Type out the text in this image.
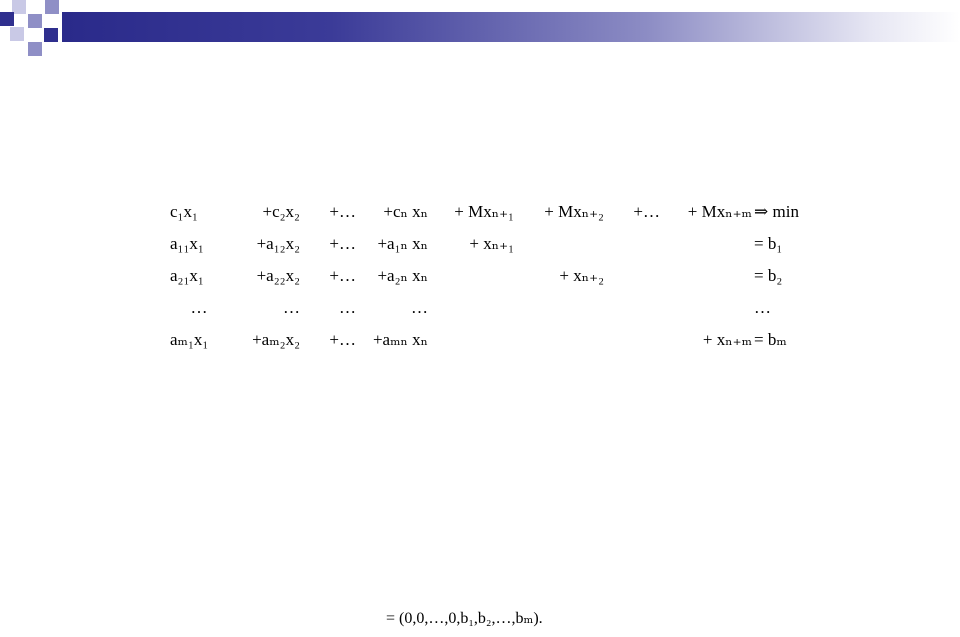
c₁x₁	+c₂x₂	+…	+cₙ xₙ	+ Mxₙ₊₁	+ Mxₙ₊₂	+…	+ Mxₙ₊ₘ	⇒ min
a₁₁x₁	+a₁₂x₂	+…	+a₁ₙ xₙ	+ xₙ₊₁				= b₁
a₂₁x₁	+a₂₂x₂	+…	+a₂ₙ xₙ		+ xₙ₊₂			= b₂
…	…	…	…					…
aₘ₁x₁	+aₘ₂x₂	+…	+aₘₙ xₙ				+ xₙ₊ₘ	= bₘ
= (0,0,…,0,b₁,b₂,…,bₘ).
